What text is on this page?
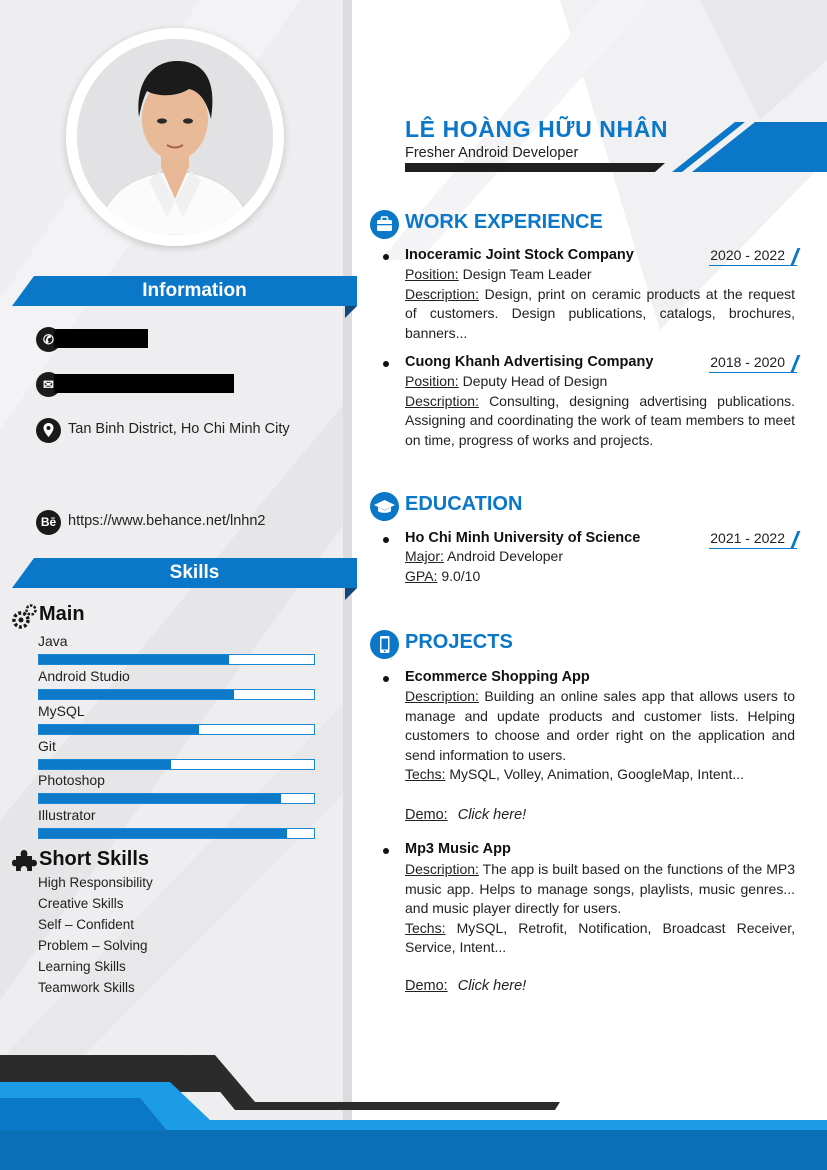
Information
✆
✉
Tan Binh District, Ho Chi Minh City
Bē https://www.behance.net/lnhn2
Skills
Main
Java
Android Studio
MySQL
Git
Photoshop
Illustrator
Short Skills
High Responsibility
Creative Skills
Self – Confident
Problem – Solving
Learning Skills
Teamwork Skills
LÊ HOÀNG HỮU NHÂN
Fresher Android Developer
WORK EXPERIENCE
Inoceramic Joint Stock Company	2020 - 2022

Position: Design Team Leader

Description: Design, print on ceramic products at the request of customers. Design publications, catalogs, brochures, banners...

Cuong Khanh Advertising Company	2018 - 2020

Position: Deputy Head of Design

Description: Consulting, designing advertising publications. Assigning and coordinating the work of team members to meet on time, progress of works and projects.

EDUCATION
Ho Chi Minh University of Science	2021 - 2022

Major: Android Developer

GPA: 9.0/10

PROJECTS
Ecommerce Shopping App

Description: Building an online sales app that allows users to manage and update products and customer lists. Helping customers to choose and order right on the application and send information to users.

Techs: MySQL, Volley, Animation, GoogleMap, Intent...

Demo: Click here!
Mp3 Music App

Description: The app is built based on the functions of the MP3 music app. Helps to manage songs, playlists, music genres... and music player directly for users.

Techs: MySQL, Retrofit, Notification, Broadcast Receiver, Service, Intent...

Demo: Click here!
